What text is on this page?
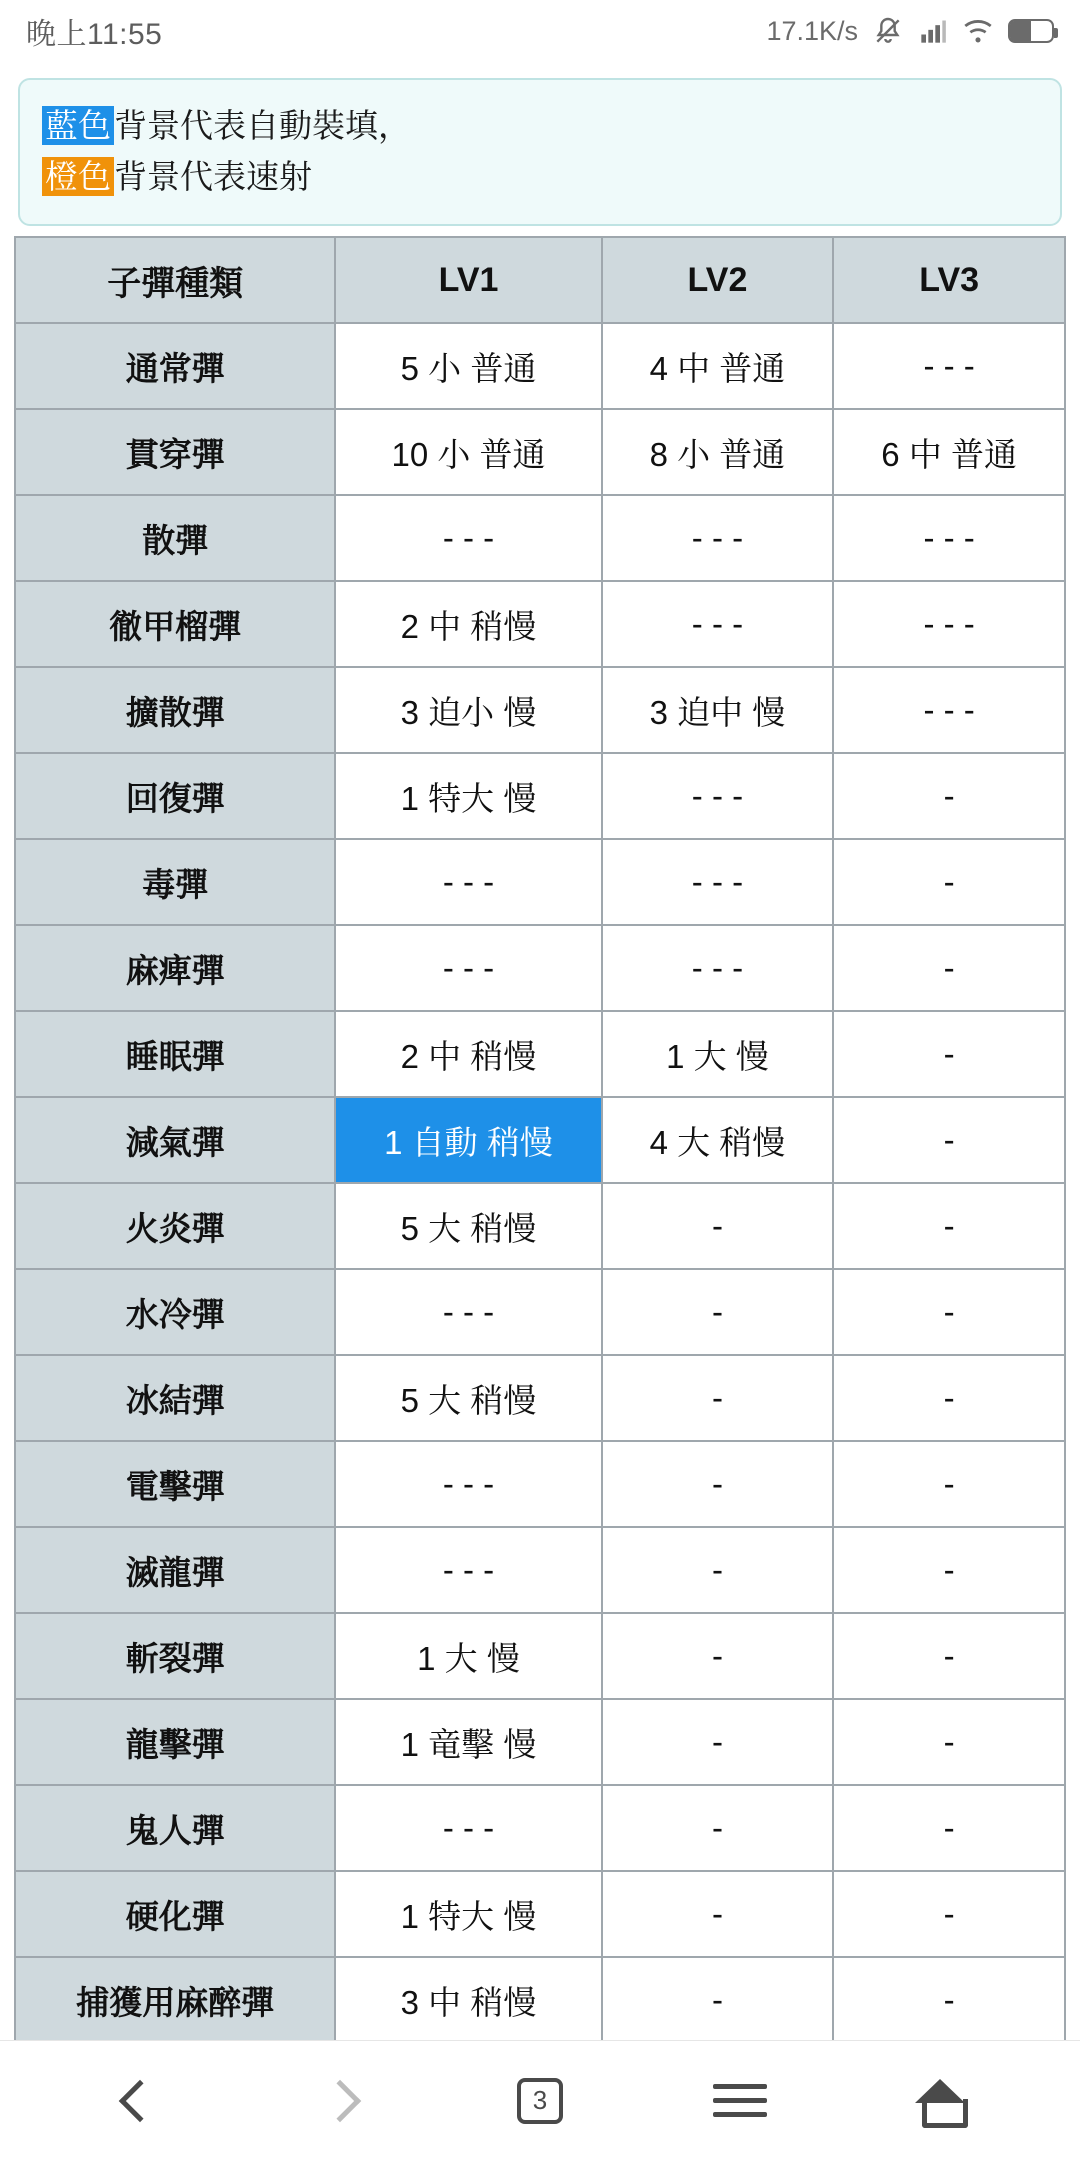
晚上11:55	17.1K/s
藍色背景代表自動裝填，
橙色背景代表速射
子彈種類	LV1	LV2	LV3
通常彈	5 小 普通	4 中 普通	- - -
貫穿彈	10 小 普通	8 小 普通	6 中 普通
散彈	- - -	- - -	- - -
徹甲榴彈	2 中 稍慢	- - -	- - -
擴散彈	3 迫小 慢	3 迫中 慢	- - -
回復彈	1 特大 慢	- - -	-
毒彈	- - -	- - -	-
麻痺彈	- - -	- - -	-
睡眠彈	2 中 稍慢	1 大 慢	-
減氣彈	1 自動 稍慢	4 大 稍慢	-
火炎彈	5 大 稍慢	-	-
水冷彈	- - -	-	-
冰結彈	5 大 稍慢	-	-
電擊彈	- - -	-	-
滅龍彈	- - -	-	-
斬裂彈	1 大 慢	-	-
龍擊彈	1 竜擊 慢	-	-
鬼人彈	- - -	-	-
硬化彈	1 特大 慢	-	-
捕獲用麻醉彈	3 中 稍慢	-	-
3
